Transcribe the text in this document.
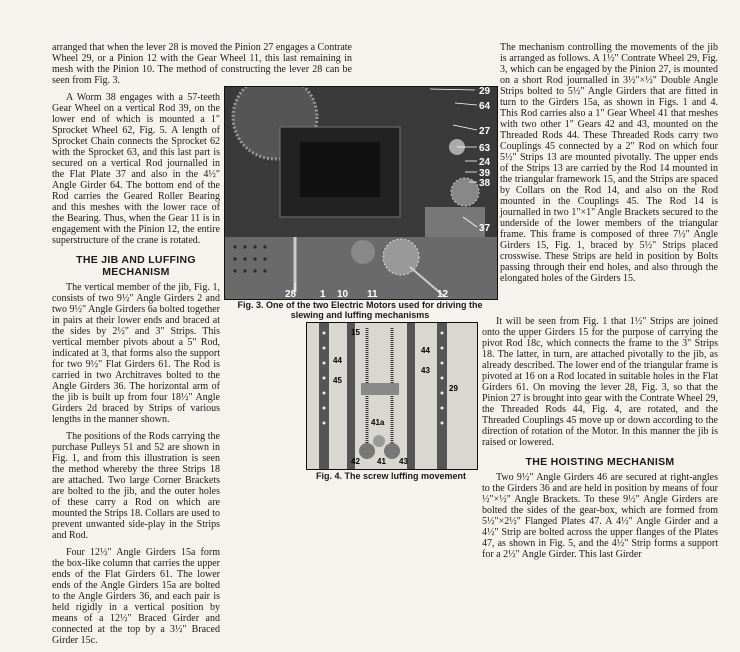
arranged that when the lever 28 is moved the Pinion 27 engages a Contrate Wheel 29, or a Pinion 12 with the Gear Wheel 11, this last remaining in mesh with the Pinion 10. The method of constructing the lever 28 can be seen from Fig. 3.

A Worm 38 engages with a 57-teeth Gear Wheel on a vertical Rod 39, on the lower end of which is mounted a 1" Sprocket Wheel 62, Fig. 5. A length of Sprocket Chain connects the Sprocket 62 with the Sprocket 63, and this last part is secured on a vertical Rod journalled in the Flat Plate 37 and also in the 4½" Angle Girder 64. The bottom end of the Rod carries the Geared Roller Bearing and this meshes with the lower race of the Bearing. Thus, when the Gear 11 is in engagement with the Pinion 12, the entire superstructure of the crane is rotated.

THE JIB AND LUFFING MECHANISM

The vertical member of the jib, Fig. 1, consists of two 9½" Angle Girders 2 and two 9½" Angle Girders 6a bolted together in pairs at their lower ends and braced at the sides by 2½" and 3" Strips. This vertical member pivots about a 5" Rod, indicated at 3, that forms also the support for two 9½" Flat Girders 61. The Rod is carried in two Architraves bolted to the Angle Girders 36. The horizontal arm of the jib is built up from four 18½" Angle Girders 2d braced by Strips of various lengths in the manner shown.

The positions of the Rods carrying the purchase Pulleys 51 and 52 are shown in Fig. 1, and from this illustration is seen the method whereby the three Strips 18 are attached. Two large Corner Brackets are bolted to the jib, and the outer holes of these carry a Rod on which are mounted the Strips 18. Collars are used to prevent unwanted side-play in the Strips and Rod.

Four 12½" Angle Girders 15a form the box-like column that carries the upper ends of the Flat Girders 61. The lower ends of the Angle Girders 15a are bolted to the Angle Girders 36, and each pair is held rigidly in a vertical position by means of a 12½" Braced Girder and connected at the top by a 3½" Braced Girder 15c.

The mechanism controlling the movements of the jib is arranged as follows. A 1½" Contrate Wheel 29, Fig. 3, which can be engaged by the Pinion 27, is mounted on a short Rod journalled in 3½"×½" Double Angle Strips bolted to 5½" Angle Girders that are fitted in turn to the Girders 15a, as shown in Figs. 1 and 4. This Rod carries also a 1" Gear Wheel 41 that meshes with two other 1" Gears 42 and 43, mounted on the Threaded Rods 44. These Threaded Rods carry two Couplings 45 connected by a 2" Rod on which four 5½" Strips 13 are mounted pivotally. The upper ends of the Strips 13 are carried by the Rod 14 mounted in the triangular framework 15, and the Strips are spaced by Collars on the Rod 14, and also on the Rod mounted in the Couplings 45. The Rod 14 is journalled in two 1"×1" Angle Brackets secured to the underside of the lower members of the triangular frame. This frame is composed of three 7½" Angle Girders 15, Fig. 1, braced by 5½" Strips placed crosswise. These Strips are held in position by Bolts passing through their end holes, and also through the elongated holes of the Girders 15.

29
64
27
63
24
39
38
37
28 1 10 11	12
Fig. 3. One of the two Electric Motors used for driving the slewing and luffing mechanisms
15
44
43
45
29
41a
41
42	43
44
Fig. 4. The screw luffing movement

It will be seen from Fig. 1 that 1½" Strips are joined onto the upper Girders 15 for the purpose of carrying the pivot Rod 18c, which connects the frame to the 3" Strips 18. The latter, in turn, are attached pivotally to the jib, as already described. The lower end of the triangular frame is pivoted at 16 on a Rod located in suitable holes in the Flat Girders 61. On moving the lever 28, Fig. 3, so that the Pinion 27 is brought into gear with the Contrate Wheel 29, the Threaded Rods 44, Fig. 4, are rotated, and the Threaded Couplings 45 move up or down according to the direction of rotation of the Motor. In this manner the jib is raised or lowered.

THE HOISTING MECHANISM

Two 9½" Angle Girders 46 are secured at right-angles to the Girders 36 and are held in position by means of four ½"×½" Angle Brackets. To these 9½" Angle Girders are bolted the sides of the gear-box, which are formed from 5½"×2½" Flanged Plates 47. A 4½" Angle Girder and a 4½" Strip are bolted across the upper flanges of the Plates 47, as shown in Fig. 5, and the 4½" Strip forms a support for a 2½" Angle Girder. This last Girder
